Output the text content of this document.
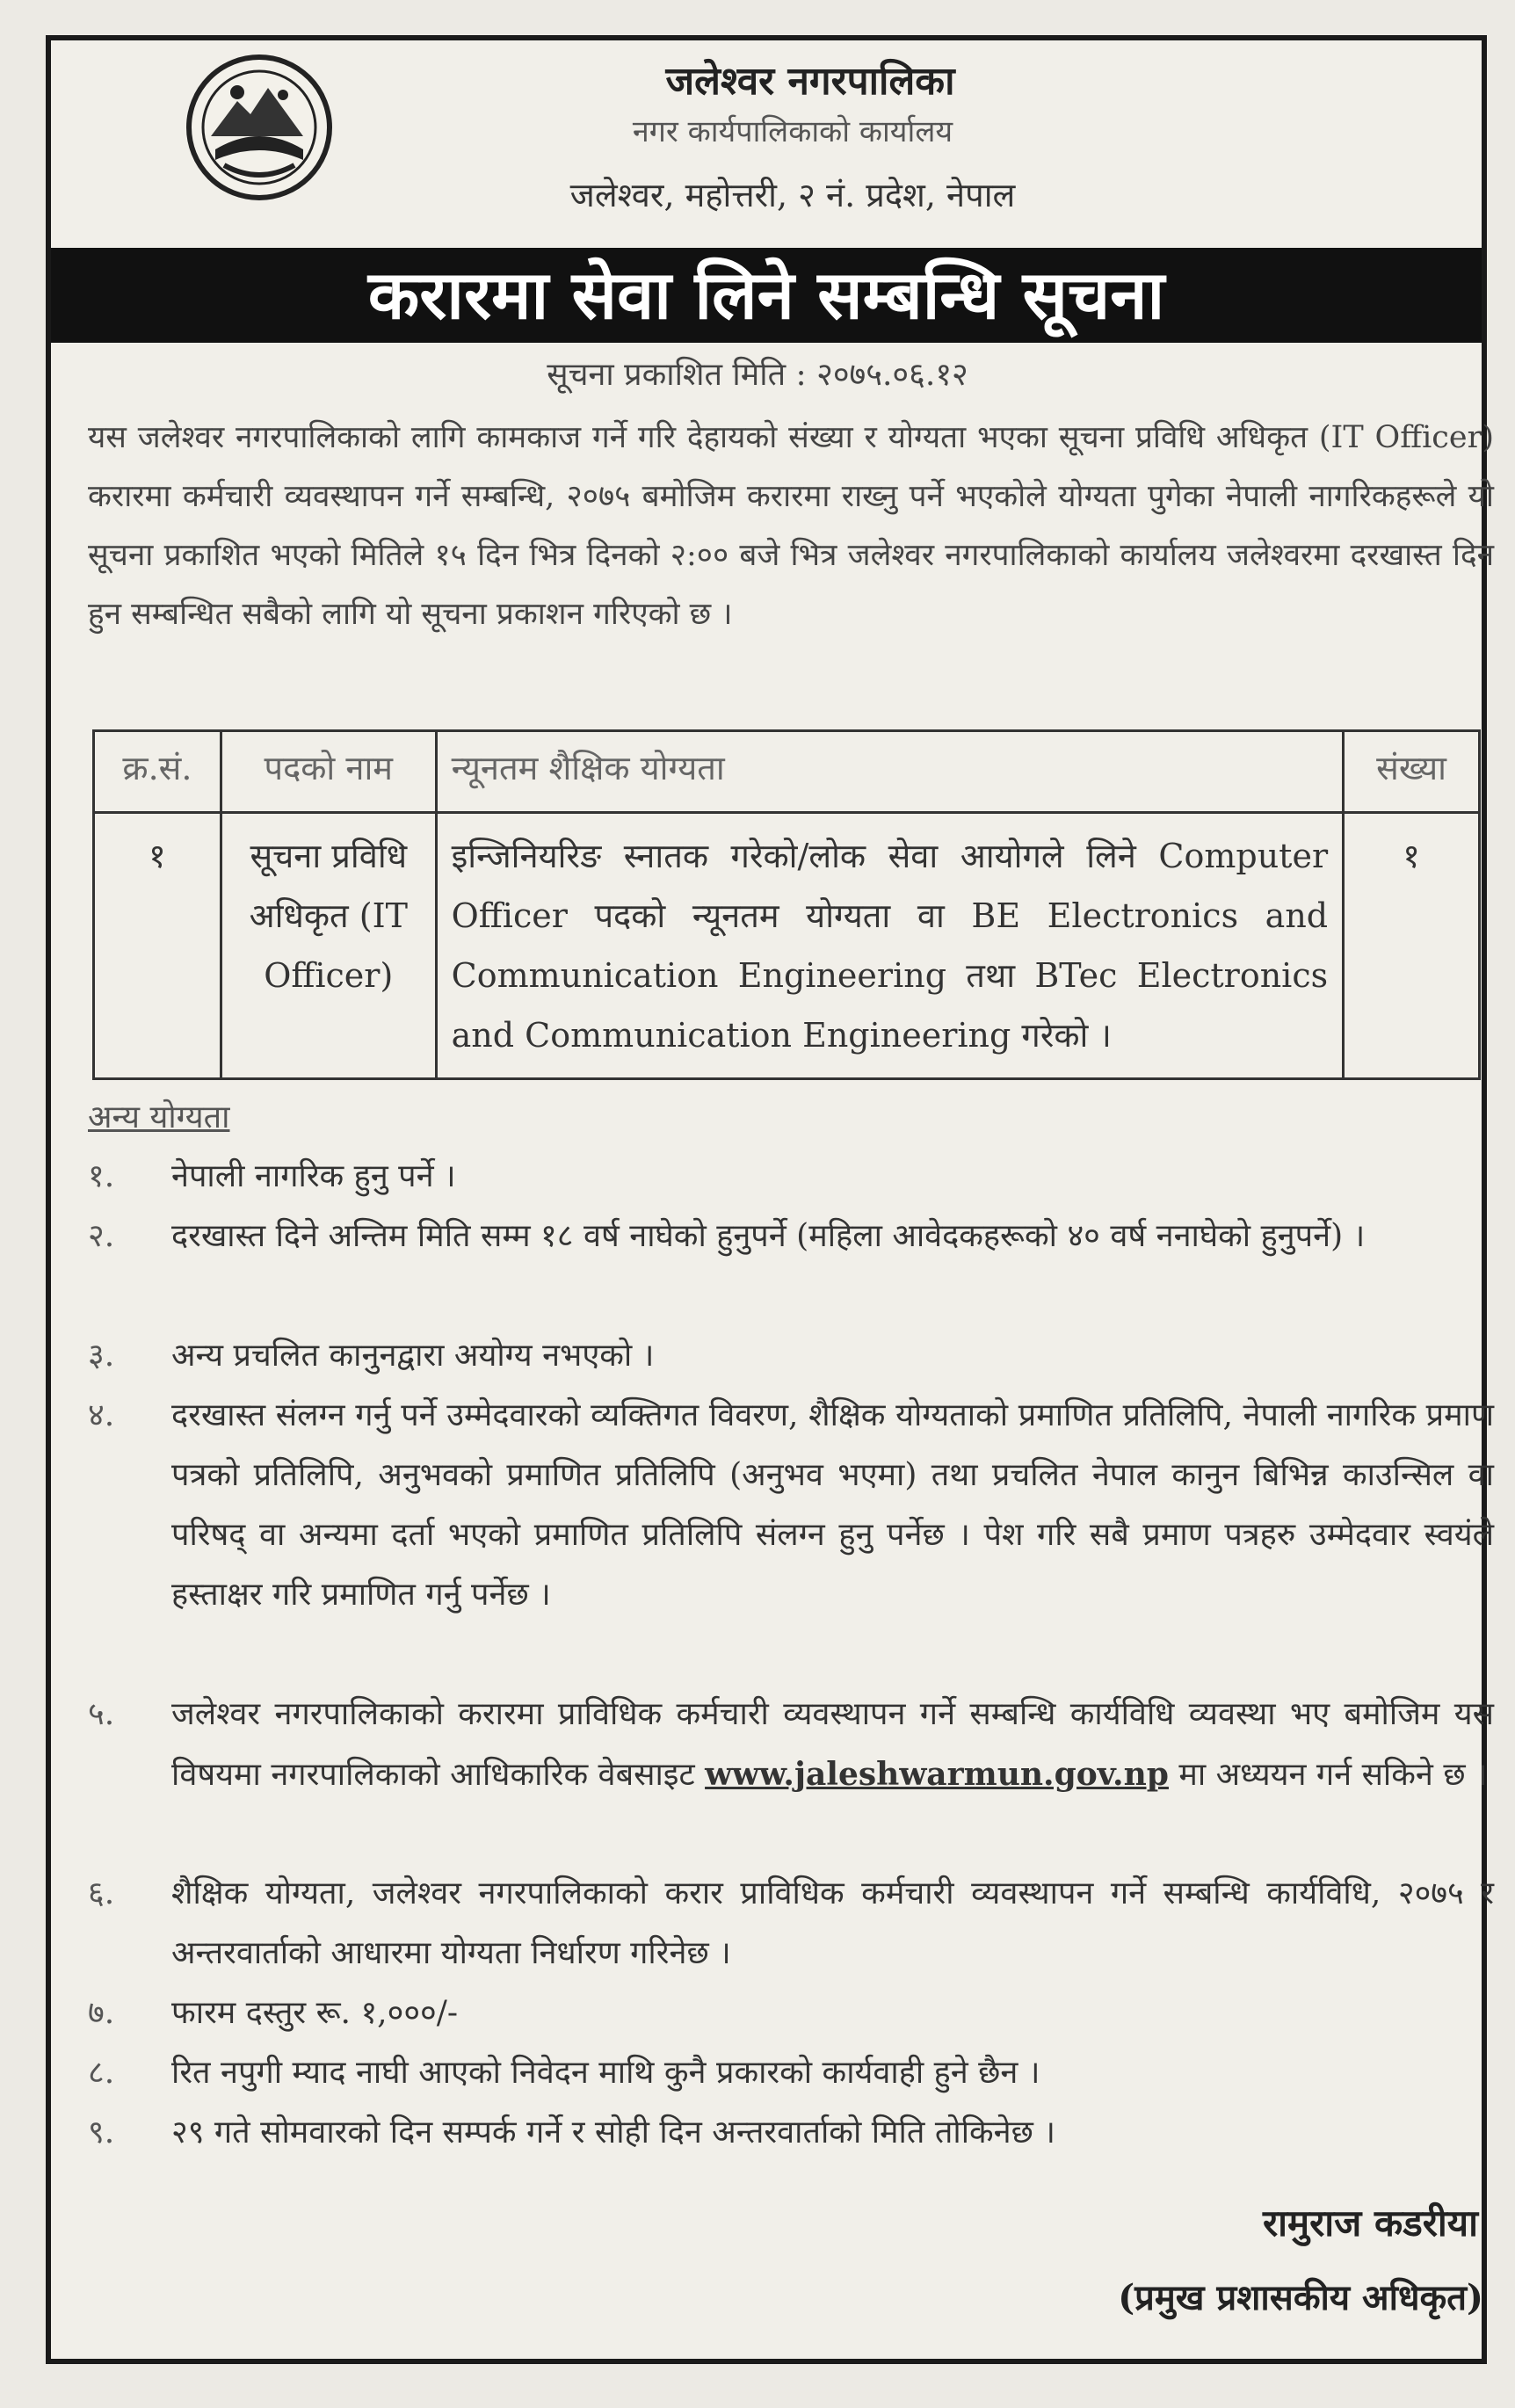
जलेश्वर नगरपालिका
नगर कार्यपालिकाको कार्यालय
जलेश्वर, महोत्तरी, २ नं. प्रदेश, नेपाल
करारमा सेवा लिने सम्बन्धि सूचना
सूचना प्रकाशित मिति : २०७५.०६.१२
यस जलेश्वर नगरपालिकाको लागि कामकाज गर्ने गरि देहायको संख्या र योग्यता भएका सूचना प्रविधि अधिकृत (IT Officer) करारमा कर्मचारी व्यवस्थापन गर्ने सम्बन्धि, २०७५ बमोजिम करारमा राख्नु पर्ने भएकोले योग्यता पुगेका नेपाली नागरिकहरूले यो सूचना प्रकाशित भएको मितिले १५ दिन भित्र दिनको २:०० बजे भित्र जलेश्वर नगरपालिकाको कार्यालय जलेश्वरमा दरखास्त दिन हुन सम्बन्धित सबैको लागि यो सूचना प्रकाशन गरिएको छ ।
क्र.सं.	पदको नाम	न्यूनतम शैक्षिक योग्यता	संख्या
१	सूचना प्रविधि अधिकृत (IT Officer)	इन्जिनियरिङ स्नातक गरेको/लोक सेवा आयोगले लिने Computer Officer पदको न्यूनतम योग्यता वा BE Electronics and Communication Engineering तथा BTec Electronics and Communication Engineering गरेको ।	१
अन्य योग्यता
१.	नेपाली नागरिक हुनु पर्ने ।
२.	दरखास्त दिने अन्तिम मिति सम्म १८ वर्ष नाघेको हुनुपर्ने (महिला आवेदकहरूको ४० वर्ष ननाघेको हुनुपर्ने) ।
३.	अन्य प्रचलित कानुनद्वारा अयोग्य नभएको ।
४.	दरखास्त संलग्न गर्नु पर्ने उम्मेदवारको व्यक्तिगत विवरण, शैक्षिक योग्यताको प्रमाणित प्रतिलिपि, नेपाली नागरिक प्रमाण पत्रको प्रतिलिपि, अनुभवको प्रमाणित प्रतिलिपि (अनुभव भएमा) तथा प्रचलित नेपाल कानुन बिभिन्न काउन्सिल वा परिषद् वा अन्यमा दर्ता भएको प्रमाणित प्रतिलिपि संलग्न हुनु पर्नेछ । पेश गरि सबै प्रमाण पत्रहरु उम्मेदवार स्वयंले हस्ताक्षर गरि प्रमाणित गर्नु पर्नेछ ।
५.	जलेश्वर नगरपालिकाको करारमा प्राविधिक कर्मचारी व्यवस्थापन गर्ने सम्बन्धि कार्यविधि व्यवस्था भए बमोजिम यस विषयमा नगरपालिकाको आधिकारिक वेबसाइट www.jaleshwarmun.gov.np मा अध्ययन गर्न सकिने छ ।
६.	शैक्षिक योग्यता, जलेश्वर नगरपालिकाको करार प्राविधिक कर्मचारी व्यवस्थापन गर्ने सम्बन्धि कार्यविधि, २०७५ र अन्तरवार्ताको आधारमा योग्यता निर्धारण गरिनेछ ।
७.	फारम दस्तुर रू. १,०००/-
८.	रित नपुगी म्याद नाघी आएको निवेदन माथि कुनै प्रकारको कार्यवाही हुने छैन ।
९.	२९ गते सोमवारको दिन सम्पर्क गर्ने र सोही दिन अन्तरवार्ताको मिति तोकिनेछ ।
रामुराज कडरीया
(प्रमुख प्रशासकीय अधिकृत)
